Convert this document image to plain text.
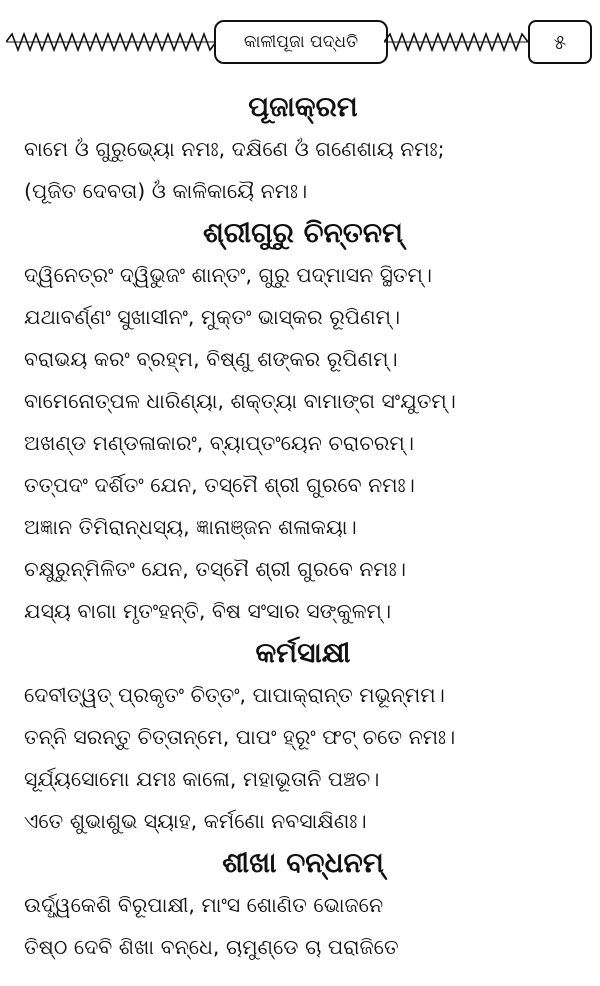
କାଳୀପୂଜା ପଦ୍ଧତି	୫
ପୂଜାକ୍ରମ
ବାମେ ଓଁ ଗୁରୁଭ୍ୟୋ ନମଃ, ଦକ୍ଷିଣେ ଓଁ ଗଣେଶାୟ ନମଃ;
(ପୂଜିତ ଦେବତା) ଓଁ କାଳିକାୟୈ ନମଃ।
ଶ୍ରୀଗୁରୁ ଚିନ୍ତନମ୍
ଦ୍ୱିନେତ୍ରଂ ଦ୍ୱିଭୁଜଂ ଶାନ୍ତଂ, ଗୁରୁ ପଦ୍ମାସନ ସ୍ଥିତମ୍।
ଯଥାବର୍ଣ୍ଣଂ ସୁଖାସୀନଂ, ମୁକ୍ତଂ ଭାସ୍କର ରୂପିଣମ୍।
ବରାଭୟ କରଂ ବ୍ରହ୍ମ, ବିଷ୍ଣୁ ଶଙ୍କର ରୂପିଣମ୍।
ବାମେନୋତ୍ପଳ ଧାରିଣ୍ୟା, ଶକ୍ତ୍ୟା ବାମାଙ୍ଗ ସଂଯୁତମ୍।
ଅଖଣ୍ଡ ମଣ୍ଡଳାକାରଂ, ବ୍ୟାପ୍ତଂୟେନ ଚରାଚରମ୍।
ତତ୍ପଦଂ ଦର୍ଶିତଂ ଯେନ, ତସ୍ମୈ ଶ୍ରୀ ଗୁରବେ ନମଃ।
ଅଜ୍ଞାନ ତିମିରାନ୍ଧସ୍ୟ, ଜ୍ଞାନାଞ୍ଜନ ଶଳାକୟା।
ଚକ୍ଷୁରୁନ୍ମିଳିତଂ ଯେନ, ତସ୍ମୈ ଶ୍ରୀ ଗୁରବେ ନମଃ।
ଯସ୍ୟ ବାଗା ମୃତଂହନ୍ତି, ବିଷ ସଂସାର ସଙ୍କୁଳମ୍।
କର୍ମସାକ୍ଷୀ
ଦେବୀତ୍ୱତ୍ ପ୍ରକୃତଂ ଚିତ୍ତଂ, ପାପାକ୍ରାନ୍ତ ମଭୂନ୍ମମ।
ତନ୍ନି ସରନ୍ତୁ ଚିତ୍ତାନ୍ମେ, ପାପଂ ହ୍ରୂଂ ଫଟ୍ ଚତେ ନମଃ।
ସୂର୍ଯ୍ୟସୋମୋ ଯମଃ କାଳୋ, ମହାଭୂତାନି ପଞ୍ଚଚ।
ଏତେ ଶୁଭାଶୁଭ ସ୍ୟାହ, କର୍ମଣୋ ନବସାକ୍ଷିଣଃ।
ଶୀଖା ବନ୍ଧନମ୍
ଉର୍ଦ୍ଧ୍ୱକେଶି ବିରୂପାକ୍ଷୀ, ମାଂସ ଶୋଣିତ ଭୋଜନେ
ତିଷ୍ଠ ଦେବି ଶିଖା ବନ୍ଧେ, ଚାମୁଣ୍ଡେ ଚା ପରାଜିତେ
